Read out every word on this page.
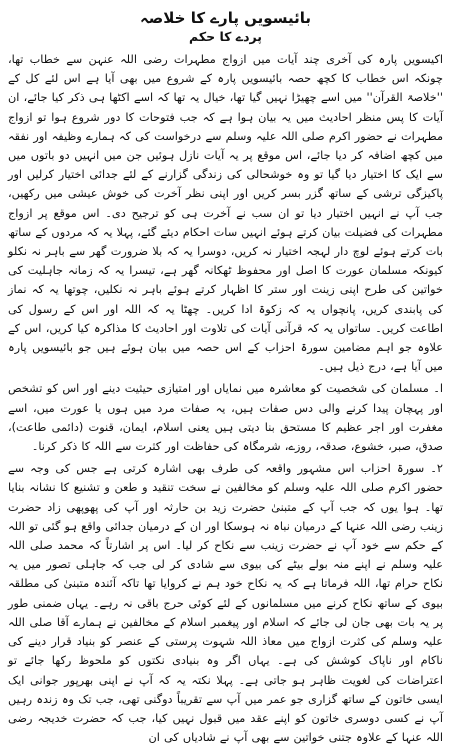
بائیسویں پارے کا خلاصہ
پردے کا حکم

اکیسویں پارہ کی آخری چند آیات میں ازواج مطہرات رضی اللہ عنہن سے خطاب تھا، چونکہ اس خطاب کا کچھ حصہ بائیسویں پارہ کے شروع میں بھی آیا ہے اس لئے کل کے ''خلاصۃ القرآن'' میں اسے چھیڑا نہیں گیا تھا، خیال یہ تھا کہ اسے اکٹھا ہی ذکر کیا جائے، ان آیات کا پس منظر احادیث میں یہ بیان ہوا ہے کہ جب فتوحات کا دور شروع ہوا تو ازواج مطہرات نے حضور اکرم صلی اللہ علیہ وسلم سے درخواست کی کہ ہمارے وظیفہ اور نفقہ میں کچھ اضافہ کر دیا جائے، اس موقع پر یہ آیات نازل ہوئیں جن میں انہیں دو باتوں میں سے ایک کا اختیار دیا گیا تو وہ خوشحالی کی زندگی گزارنے کے لئے جدائی اختیار کرلیں اور پاکیزگی ترشی کے ساتھ گزر بسر کریں اور اپنی نظر آخرت کی خوش عیشی میں رکھیں، جب آپ نے انہیں اختیار دیا تو ان سب نے آخرت ہی کو ترجیح دی۔ اس موقع پر ازواج مطہرات کی فضیلت بیان کرتے ہوئے انہیں سات احکام دیئے گئے، پہلا یہ کہ مردوں کے ساتھ بات کرتے ہوئے لوچ دار لہجہ اختیار نہ کریں، دوسرا یہ کہ بلا ضرورت گھر سے باہر نہ نکلو کیونکہ مسلمان عورت کا اصل اور محفوظ ٹھکانہ گھر ہے، تیسرا یہ کہ زمانہ جاہلیت کی خواتین کی طرح اپنی زینت اور ستر کا اظہار کرتے ہوئے باہر نہ نکلیں، چوتھا یہ کہ نماز کی پابندی کریں، پانچواں یہ کہ زکوۃ ادا کریں۔ چھٹا یہ کہ اللہ اور اس کے رسول کی اطاعت کریں۔ ساتواں یہ کہ قرآنی آیات کی تلاوت اور احادیث کا مذاکرہ کیا کریں، اس کے علاوہ جو اہم مضامین سورۃ احزاب کے اس حصہ میں بیان ہوئے ہیں جو بائیسویں پارہ میں آیا ہے، درج ذیل ہیں۔

ا۔ مسلمان کی شخصیت کو معاشرہ میں نمایاں اور امتیازی حیثیت دینے اور اس کو تشخص اور پہچان پیدا کرنے والی دس صفات ہیں، یہ صفات مرد میں ہوں یا عورت میں، اسے مغفرت اور اجر عظیم کا مستحق بنا دیتی ہیں یعنی اسلام، ایمان، قنوت (دائمی طاعت)، صدق، صبر، خشوع، صدقہ، روزے، شرمگاہ کی حفاظت اور کثرت سے اللہ کا ذکر کرنا۔

۲۔ سورۃ احزاب اس مشہور واقعہ کی طرف بھی اشارہ کرتی ہے جس کی وجہ سے حضور اکرم صلی اللہ علیہ وسلم کو مخالفین نے سخت تنقید و طعن و تشنیع کا نشانہ بنایا تھا۔ ہوا یوں کہ جب آپ کے متبنیٰ حضرت زید بن حارثہ اور آپ کی پھوپھی زاد حضرت زینب رضی اللہ عنہا کے درمیان نباہ نہ ہوسکا اور ان کے درمیان جدائی واقع ہو گئی تو اللہ کے حکم سے خود آپ نے حضرت زینب سے نکاح کر لیا۔ اس پر اشارتاً کہ محمد صلی اللہ علیہ وسلم نے اپنے منہ بولے بیٹے کی بیوی سے شادی کر لی جب کہ جاہلی تصور میں یہ نکاح حرام تھا، اللہ فرماتا ہے کہ یہ نکاح خود ہم نے کروایا تھا تاکہ آئندہ متبنیٰ کی مطلقہ بیوی کے ساتھ نکاح کرنے میں مسلمانوں کے لئے کوئی حرج باقی نہ رہے۔ یہاں ضمنی طور پر یہ بات بھی جان لی جائے کہ اسلام اور پیغمبر اسلام کے مخالفین نے ہمارے آقا صلی اللہ علیہ وسلم کی کثرت ازواج میں معاذ اللہ شہوت پرستی کے عنصر کو بنیاد قرار دینے کی ناکام اور ناپاک کوشش کی ہے۔ یہاں اگر وہ بنیادی نکتوں کو ملحوظ رکھا جائے تو اعتراضات کی لغویت ظاہر ہو جاتی ہے۔ پہلا نکتہ یہ کہ آپ نے اپنی بھرپور جوانی ایک ایسی خاتون کے ساتھ گزاری جو عمر میں آپ سے تقریباً دوگنی تھی، جب تک وہ زندہ رہیں آپ نے کسی دوسری خاتون کو اپنے عقد میں قبول نہیں کیا، جب کہ حضرت خدیجہ رضی اللہ عنہا کے علاوہ جتنی خواتین سے بھی آپ نے شادیاں کی ان
